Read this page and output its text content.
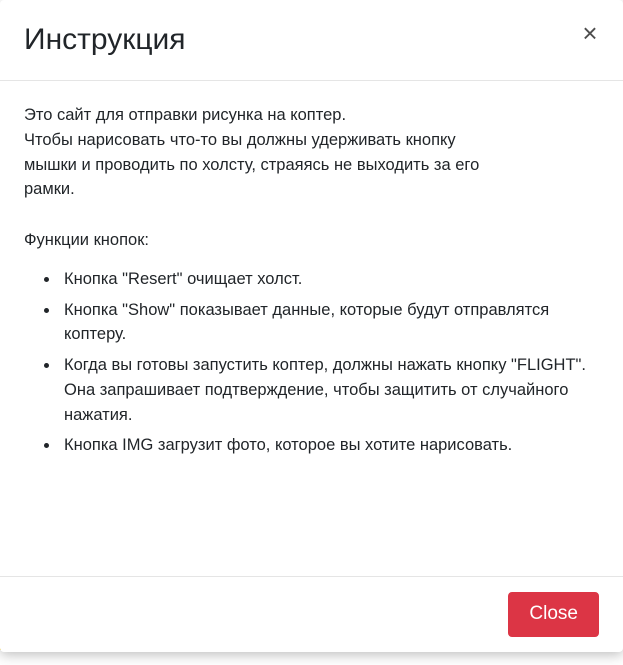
Инструкция	×

Это сайт для отправки рисунка на коптер.
Чтобы нарисовать что-то вы должны удерживать кнопку
мышки и проводить по холсту, страяясь не выходить за его
рамки.

Функции кнопок:

• Кнопка "Resert" очищает холст.
• Кнопка "Show" показывает данные, которые будут отправлятся коптеру.
• Когда вы готовы запустить коптер, должны нажать кнопку "FLIGHT". Она запрашивает подтверждение, чтобы защитить от случайного нажатия.
• Кнопка IMG загрузит фото, которое вы хотите нарисовать.
Close
